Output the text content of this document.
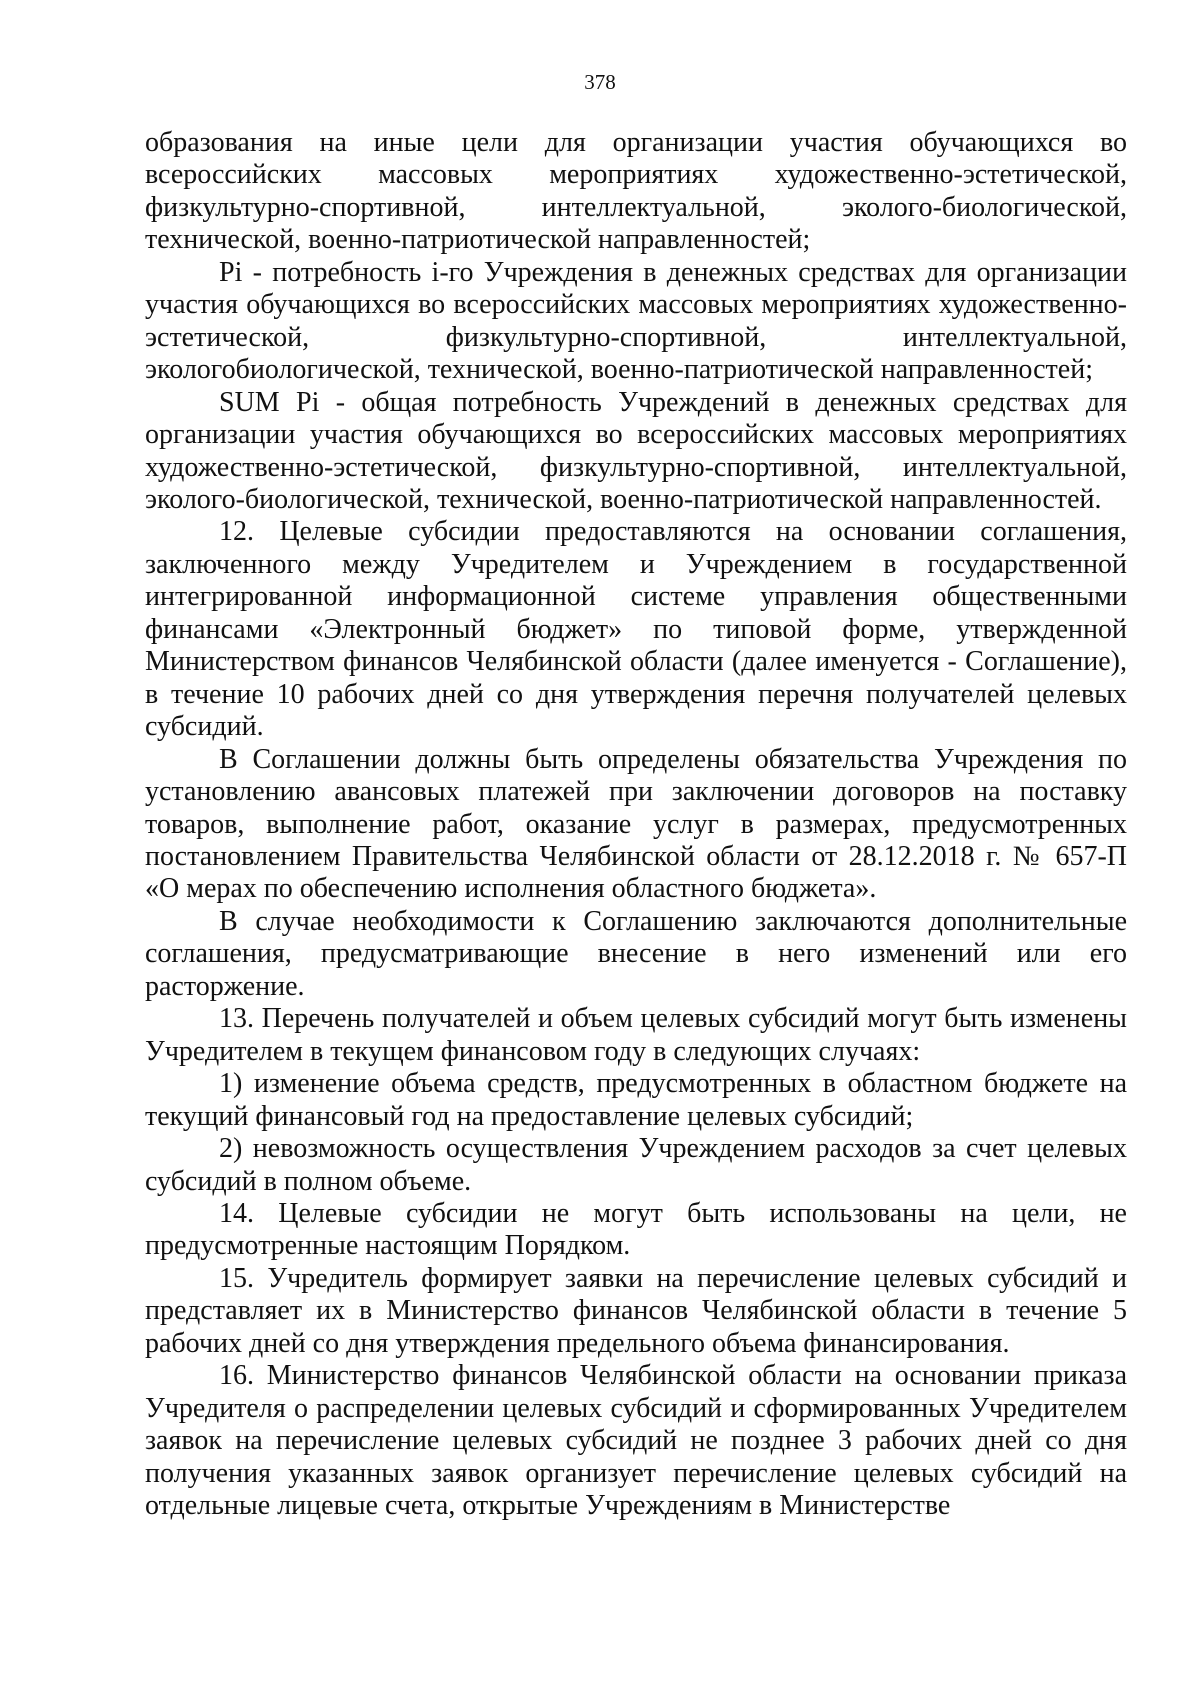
378

образования на иные цели для организации участия обучающихся во всероссийских массовых мероприятиях художественно-эстетической, физкультурно-спортивной, интеллектуальной, эколого-биологической, технической, военно-патриотической направленностей;

Pi - потребность i-го Учреждения в денежных средствах для организации участия обучающихся во всероссийских массовых мероприятиях художественно-эстетической, физкультурно-спортивной, интеллектуальной, экологобиологической, технической, военно-патриотической направленностей;

SUM Pi - общая потребность Учреждений в денежных средствах для организации участия обучающихся во всероссийских массовых мероприятиях художественно-эстетической, физкультурно-спортивной, интеллектуальной, эколого-биологической, технической, военно-патриотической направленностей.

12. Целевые субсидии предоставляются на основании соглашения, заключенного между Учредителем и Учреждением в государственной интегрированной информационной системе управления общественными финансами «Электронный бюджет» по типовой форме, утвержденной Министерством финансов Челябинской области (далее именуется - Соглашение), в течение 10 рабочих дней со дня утверждения перечня получателей целевых субсидий.

В Соглашении должны быть определены обязательства Учреждения по установлению авансовых платежей при заключении договоров на поставку товаров, выполнение работ, оказание услуг в размерах, предусмотренных постановлением Правительства Челябинской области от 28.12.2018 г. № 657-П «О мерах по обеспечению исполнения областного бюджета».

В случае необходимости к Соглашению заключаются дополнительные соглашения, предусматривающие внесение в него изменений или его расторжение.

13. Перечень получателей и объем целевых субсидий могут быть изменены Учредителем в текущем финансовом году в следующих случаях:

1) изменение объема средств, предусмотренных в областном бюджете на текущий финансовый год на предоставление целевых субсидий;

2) невозможность осуществления Учреждением расходов за счет целевых субсидий в полном объеме.

14. Целевые субсидии не могут быть использованы на цели, не предусмотренные настоящим Порядком.

15. Учредитель формирует заявки на перечисление целевых субсидий и представляет их в Министерство финансов Челябинской области в течение 5 рабочих дней со дня утверждения предельного объема финансирования.

16. Министерство финансов Челябинской области на основании приказа Учредителя о распределении целевых субсидий и сформированных Учредителем заявок на перечисление целевых субсидий не позднее 3 рабочих дней со дня получения указанных заявок организует перечисление целевых субсидий на отдельные лицевые счета, открытые Учреждениям в Министерстве
